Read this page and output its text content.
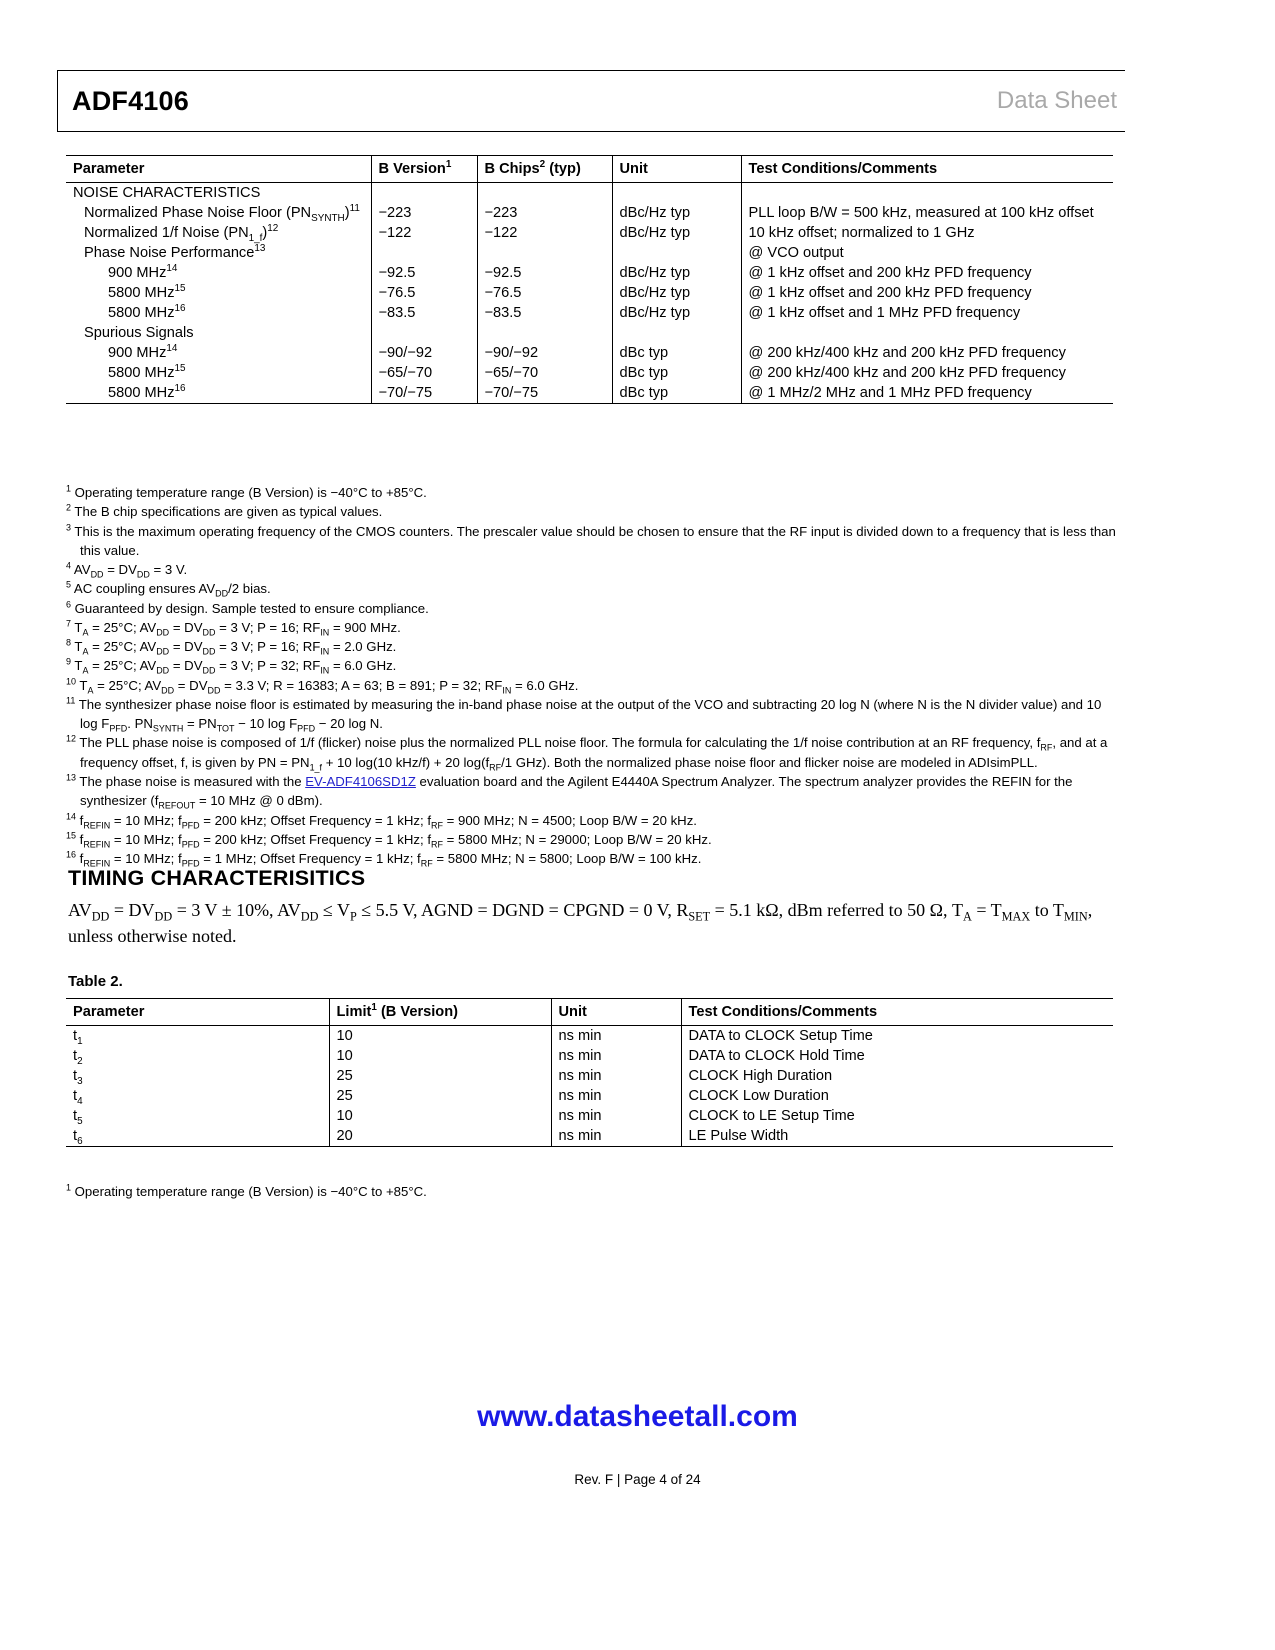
ADF4106	Data Sheet
Parameter	B Version$^1$	B Chips$^2$ (typ)	Unit	Test Conditions/Comments
NOISE CHARACTERISTICS				
Normalized Phase Noise Floor $(PN_{SYNTH})^{11}$	−223	−223	dBc/Hz typ	PLL loop B/W = 500 kHz, measured at 100 kHz offset
Normalized 1/f Noise $(PN_{1\_f})^{12}$	−122	−122	dBc/Hz typ	10 kHz offset; normalized to 1 GHz
Phase Noise Performance$^{13}$				@ VCO output
900 MHz$^{14}$	−92.5	−92.5	dBc/Hz typ	@ 1 kHz offset and 200 kHz PFD frequency
5800 MHz$^{15}$	−76.5	−76.5	dBc/Hz typ	@ 1 kHz offset and 200 kHz PFD frequency
5800 MHz$^{16}$	−83.5	−83.5	dBc/Hz typ	@ 1 kHz offset and 1 MHz PFD frequency
Spurious Signals				
900 MHz$^{14}$	−90/−92	−90/−92	dBc typ	@ 200 kHz/400 kHz and 200 kHz PFD frequency
5800 MHz$^{15}$	−65/−70	−65/−70	dBc typ	@ 200 kHz/400 kHz and 200 kHz PFD frequency
5800 MHz$^{16}$	−70/−75	−70/−75	dBc typ	@ 1 MHz/2 MHz and 1 MHz PFD frequency
$^1$ Operating temperature range (B Version) is −40°C to +85°C.
$^2$ The B chip specifications are given as typical values.
$^3$ This is the maximum operating frequency of the CMOS counters. The prescaler value should be chosen to ensure that the RF input is divided down to a frequency that is less than this value.
$^4$ $AV_{DD} = DV_{DD} = 3$ V.
$^5$ AC coupling ensures $AV_{DD}/2$ bias.
$^6$ Guaranteed by design. Sample tested to ensure compliance.
$^7$ $T_A = 25^\circ C$; $AV_{DD} = DV_{DD} = 3$ V; P = 16; $RF_{IN} = 900$ MHz.
$^8$ $T_A = 25^\circ C$; $AV_{DD} = DV_{DD} = 3$ V; P = 16; $RF_{IN} = 2.0$ GHz.
$^9$ $T_A = 25^\circ C$; $AV_{DD} = DV_{DD} = 3$ V; P = 32; $RF_{IN} = 6.0$ GHz.
$^{10}$ $T_A = 25^\circ C$; $AV_{DD} = DV_{DD} = 3.3$ V; R = 16383; A = 63; B = 891; P = 32; $RF_{IN} = 6.0$ GHz.
$^{11}$ The synthesizer phase noise floor is estimated by measuring the in-band phase noise at the output of the VCO and subtracting 20 log N (where N is the N divider value) and 10 $\log F_{PFD}$. $PN_{SYNTH} = PN_{TOT} - 10$ $\log F_{PFD} - 20$ log N.
$^{12}$ The PLL phase noise is composed of 1/f (flicker) noise plus the normalized PLL noise floor. The formula for calculating the 1/f noise contribution at an RF frequency, $f_{RF}$, and at a frequency offset, f, is given by PN = $PN_{1\_f} + 10$ log(10 kHz/f) + 20 $\log(f_{RF}/1$ GHz). Both the normalized phase noise floor and flicker noise are modeled in ADIsimPLL.
$^{13}$ The phase noise is measured with the EV-ADF4106SD1Z evaluation board and the Agilent E4440A Spectrum Analyzer. The spectrum analyzer provides the REFIN for the synthesizer ($f_{REFOUT} = 10$ MHz @ 0 dBm).
$^{14}$ $f_{REFIN} = 10$ MHz; $f_{PFD} = 200$ kHz; Offset Frequency = 1 kHz; $f_{RF} = 900$ MHz; N = 4500; Loop B/W = 20 kHz.
$^{15}$ $f_{REFIN} = 10$ MHz; $f_{PFD} = 200$ kHz; Offset Frequency = 1 kHz; $f_{RF} = 5800$ MHz; N = 29000; Loop B/W = 20 kHz.
$^{16}$ $f_{REFIN} = 10$ MHz; $f_{PFD} = 1$ MHz; Offset Frequency = 1 kHz; $f_{RF} = 5800$ MHz; N = 5800; Loop B/W = 100 kHz.
TIMING CHARACTERISITICS
$AV_{DD} = DV_{DD} = 3$ V ± 10%, $AV_{DD} \le V_P \le 5.5$ V, AGND = DGND = CPGND = 0 V, $R_{SET} = 5.1$ kΩ, dBm referred to 50 Ω, $T_A = T_{MAX}$ to $T_{MIN}$, unless otherwise noted.
Table 2.
Parameter	Limit$^1$ (B Version)	Unit	Test Conditions/Comments
$t_1$	10	ns min	DATA to CLOCK Setup Time
$t_2$	10	ns min	DATA to CLOCK Hold Time
$t_3$	25	ns min	CLOCK High Duration
$t_4$	25	ns min	CLOCK Low Duration
$t_5$	10	ns min	CLOCK to LE Setup Time
$t_6$	20	ns min	LE Pulse Width
$^1$ Operating temperature range (B Version) is −40°C to +85°C.
www.datasheetall.com
Rev. F | Page 4 of 24
